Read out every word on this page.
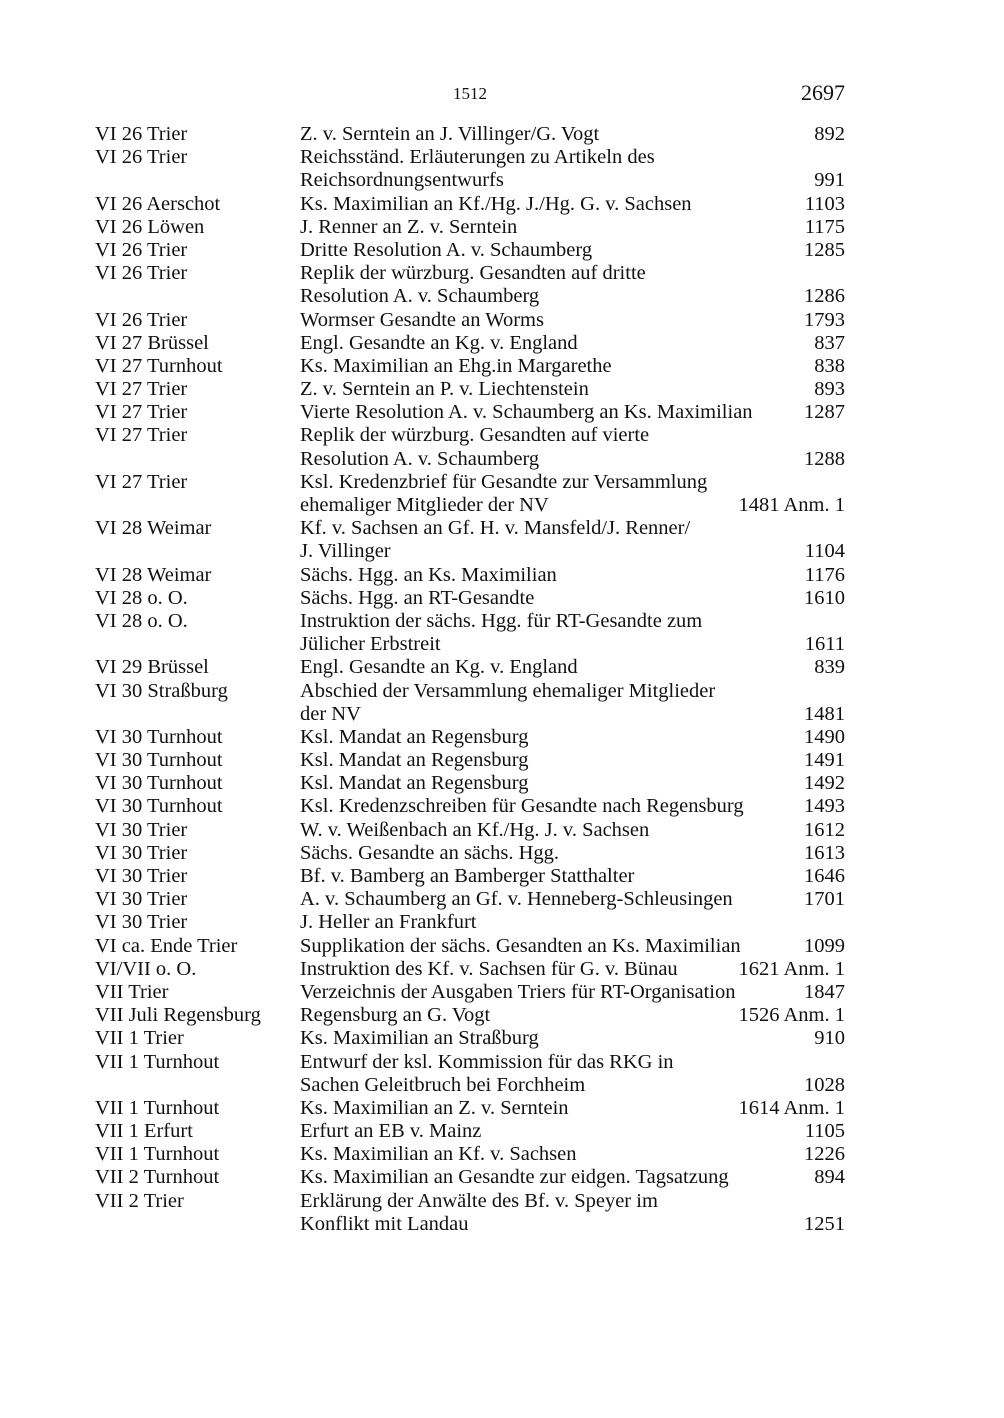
1512	2697
VI 26 Trier	Z. v. Serntein an J. Villinger/G. Vogt	892
VI 26 Trier	Reichsständ. Erläuterungen zu Artikeln des
Reichsordnungsentwurfs	991
VI 26 Aerschot	Ks. Maximilian an Kf./Hg. J./Hg. G. v. Sachsen	1103
VI 26 Löwen	J. Renner an Z. v. Serntein	1175
VI 26 Trier	Dritte Resolution A. v. Schaumberg	1285
VI 26 Trier	Replik der würzburg. Gesandten auf dritte
Resolution A. v. Schaumberg	1286
VI 26 Trier	Wormser Gesandte an Worms	1793
VI 27 Brüssel	Engl. Gesandte an Kg. v. England	837
VI 27 Turnhout	Ks. Maximilian an Ehg.in Margarethe	838
VI 27 Trier	Z. v. Serntein an P. v. Liechtenstein	893
VI 27 Trier	Vierte Resolution A. v. Schaumberg an Ks. Maximilian	1287
VI 27 Trier	Replik der würzburg. Gesandten auf vierte
Resolution A. v. Schaumberg	1288
VI 27 Trier	Ksl. Kredenzbrief für Gesandte zur Versammlung
ehemaliger Mitglieder der NV	1481 Anm. 1
VI 28 Weimar	Kf. v. Sachsen an Gf. H. v. Mansfeld/J. Renner/
J. Villinger	1104
VI 28 Weimar	Sächs. Hgg. an Ks. Maximilian	1176
VI 28 o. O.	Sächs. Hgg. an RT-Gesandte	1610
VI 28 o. O.	Instruktion der sächs. Hgg. für RT-Gesandte zum
Jülicher Erbstreit	1611
VI 29 Brüssel	Engl. Gesandte an Kg. v. England	839
VI 30 Straßburg	Abschied der Versammlung ehemaliger Mitglieder
der NV	1481
VI 30 Turnhout	Ksl. Mandat an Regensburg	1490
VI 30 Turnhout	Ksl. Mandat an Regensburg	1491
VI 30 Turnhout	Ksl. Mandat an Regensburg	1492
VI 30 Turnhout	Ksl. Kredenzschreiben für Gesandte nach Regensburg	1493
VI 30 Trier	W. v. Weißenbach an Kf./Hg. J. v. Sachsen	1612
VI 30 Trier	Sächs. Gesandte an sächs. Hgg.	1613
VI 30 Trier	Bf. v. Bamberg an Bamberger Statthalter	1646
VI 30 Trier	A. v. Schaumberg an Gf. v. Henneberg-Schleusingen	1701
VI 30 Trier	J. Heller an Frankfurt
VI ca. Ende Trier	Supplikation der sächs. Gesandten an Ks. Maximilian	1099
VI/VII o. O.	Instruktion des Kf. v. Sachsen für G. v. Bünau	1621 Anm. 1
VII Trier	Verzeichnis der Ausgaben Triers für RT-Organisation	1847
VII Juli Regensburg	Regensburg an G. Vogt	1526 Anm. 1
VII 1 Trier	Ks. Maximilian an Straßburg	910
VII 1 Turnhout	Entwurf der ksl. Kommission für das RKG in
Sachen Geleitbruch bei Forchheim	1028
VII 1 Turnhout	Ks. Maximilian an Z. v. Serntein	1614 Anm. 1
VII 1 Erfurt	Erfurt an EB v. Mainz	1105
VII 1 Turnhout	Ks. Maximilian an Kf. v. Sachsen	1226
VII 2 Turnhout	Ks. Maximilian an Gesandte zur eidgen. Tagsatzung	894
VII 2 Trier	Erklärung der Anwälte des Bf. v. Speyer im
Konflikt mit Landau	1251
